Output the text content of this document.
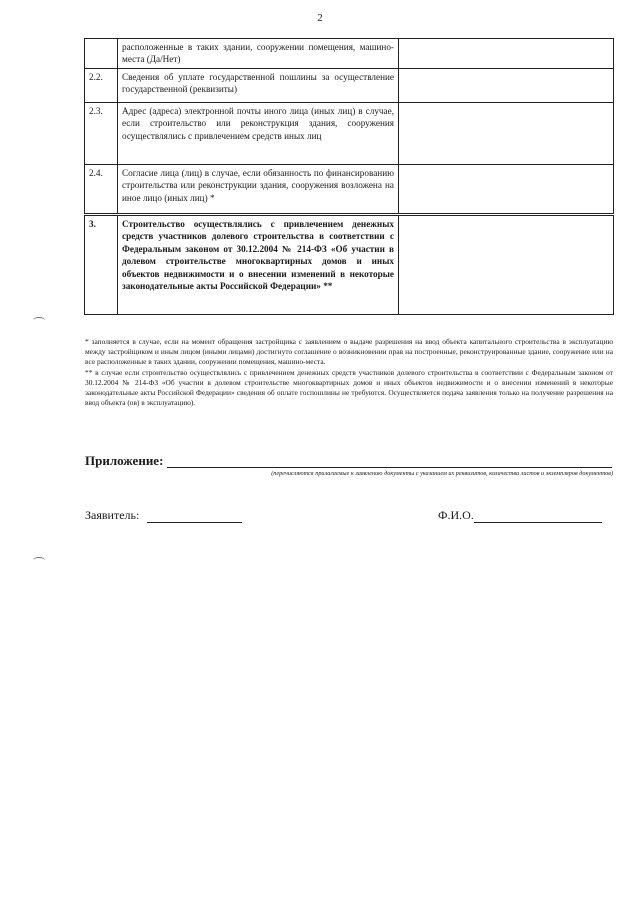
2
	расположенные в таких здании, сооружении помещения, машино-места (Да/Нет)	
2.2.	Сведения об уплате государственной пошлины за осуществление государственной (реквизиты)	
2.3.	Адрес (адреса) электронной почты иного лица (иных лиц) в случае, если строительство или реконструкция здания, сооружения осуществлялись с привлечением средств иных лиц	
2.4.	Согласие лица (лиц) в случае, если обязанность по финансированию строительства или реконструкции здания, сооружения возложена на иное лицо (иных лиц) *	
3.	Строительство осуществлялись с привлечением денежных средств участников долевого строительства в соответствии с Федеральным законом от 30.12.2004 № 214-ФЗ «Об участии в долевом строительстве многоквартирных домов и иных объектов недвижимости и о внесении изменений в некоторые законодательные акты Российской Федерации» **	

* заполняется в случае, если на момент обращения застройщика с заявлением о выдаче разрешения на ввод объекта капитального строительства в эксплуатацию между застройщиком и иным лицом (иными лицами) достигнуто соглашение о возникновении прав на построенные, реконструированные здание, сооружение или на все расположенные в таких здании, сооружении помещения, машино-места.

** в случае если строительство осуществлялись с привлечением денежных средств участников долевого строительства в соответствии с Федеральным законом от 30.12.2004 № 214-ФЗ «Об участии в долевом строительстве многоквартирных домов и иных объектов недвижимости и о внесении изменений в некоторые законодательные акты Российской Федерации» сведения об оплате госпошлины не требуются. Осуществляется подача заявления только на получение разрешения на ввод объекта (ов) в эксплуатацию).

Приложение:
(перечисляются прилагаемые к заявлению документы с указанием их реквизитов, количества листов и экземпляров документов)
Заявитель:	Ф.И.О.
